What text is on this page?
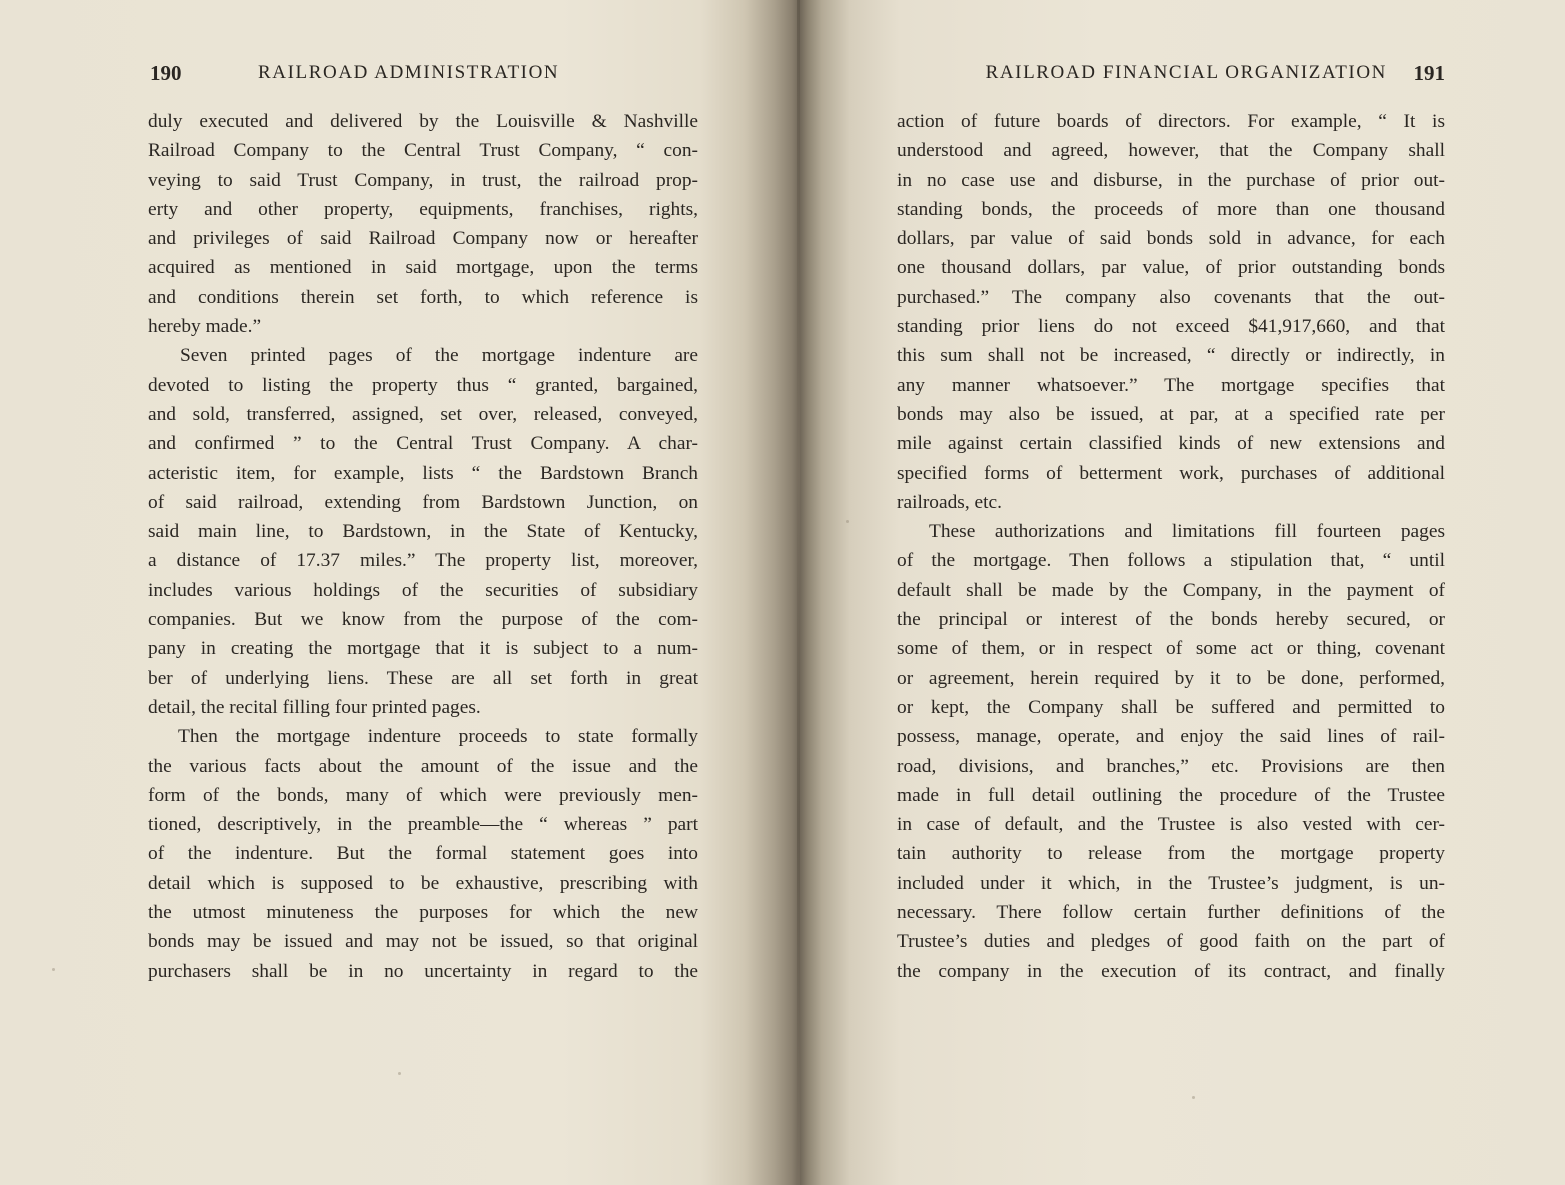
190	RAILROAD ADMINISTRATION
duly executed and delivered by the Louisville & Nashville
Railroad Company to the Central Trust Company, “ con-
veying to said Trust Company, in trust, the railroad prop-
erty and other property, equipments, franchises, rights,
and privileges of said Railroad Company now or hereafter
acquired as mentioned in said mortgage, upon the terms
and conditions therein set forth, to which reference is
hereby made.”
Seven printed pages of the mortgage indenture are
devoted to listing the property thus “ granted, bargained,
and sold, transferred, assigned, set over, released, conveyed,
and confirmed ” to the Central Trust Company. A char-
acteristic item, for example, lists “ the Bardstown Branch
of said railroad, extending from Bardstown Junction, on
said main line, to Bardstown, in the State of Kentucky,
a distance of 17.37 miles.” The property list, moreover,
includes various holdings of the securities of subsidiary
companies. But we know from the purpose of the com-
pany in creating the mortgage that it is subject to a num-
ber of underlying liens. These are all set forth in great
detail, the recital filling four printed pages.
Then the mortgage indenture proceeds to state formally
the various facts about the amount of the issue and the
form of the bonds, many of which were previously men-
tioned, descriptively, in the preamble—the “ whereas ” part
of the indenture. But the formal statement goes into
detail which is supposed to be exhaustive, prescribing with
the utmost minuteness the purposes for which the new
bonds may be issued and may not be issued, so that original
purchasers shall be in no uncertainty in regard to the
RAILROAD FINANCIAL ORGANIZATION 191
action of future boards of directors. For example, “ It is
understood and agreed, however, that the Company shall
in no case use and disburse, in the purchase of prior out-
standing bonds, the proceeds of more than one thousand
dollars, par value of said bonds sold in advance, for each
one thousand dollars, par value, of prior outstanding bonds
purchased.” The company also covenants that the out-
standing prior liens do not exceed $41,917,660, and that
this sum shall not be increased, “ directly or indirectly, in
any manner whatsoever.” The mortgage specifies that
bonds may also be issued, at par, at a specified rate per
mile against certain classified kinds of new extensions and
specified forms of betterment work, purchases of additional
railroads, etc.
These authorizations and limitations fill fourteen pages
of the mortgage. Then follows a stipulation that, “ until
default shall be made by the Company, in the payment of
the principal or interest of the bonds hereby secured, or
some of them, or in respect of some act or thing, covenant
or agreement, herein required by it to be done, performed,
or kept, the Company shall be suffered and permitted to
possess, manage, operate, and enjoy the said lines of rail-
road, divisions, and branches,” etc. Provisions are then
made in full detail outlining the procedure of the Trustee
in case of default, and the Trustee is also vested with cer-
tain authority to release from the mortgage property
included under it which, in the Trustee’s judgment, is un-
necessary. There follow certain further definitions of the
Trustee’s duties and pledges of good faith on the part of
the company in the execution of its contract, and finally
